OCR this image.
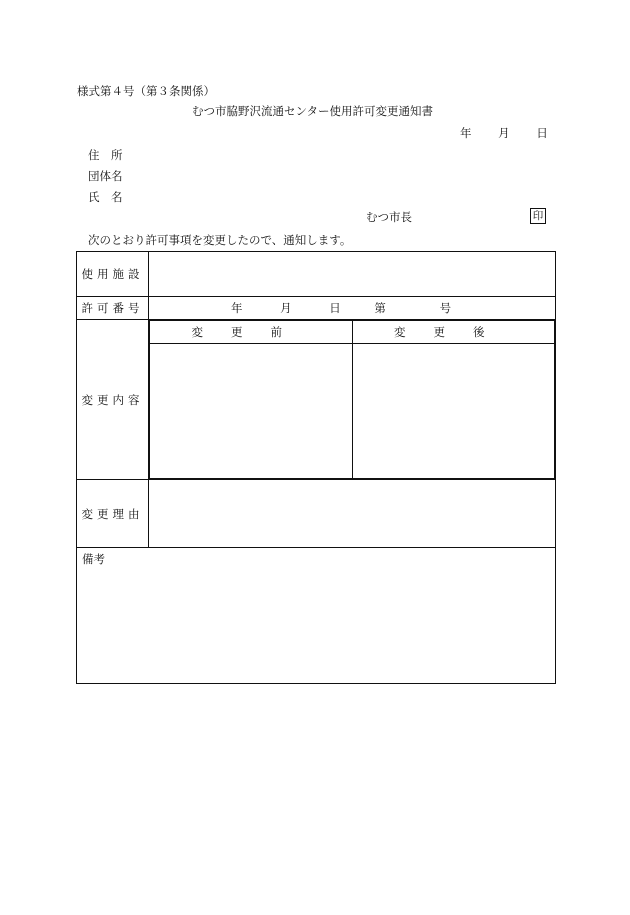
様式第４号（第３条関係）
むつ市脇野沢流通センター使用許可変更通知書
年 月 日
住　所
団体名
氏　名
むつ市長	印
次のとおり許可事項を変更したので、通知します。
使用施設	
許可番号	年	月	日	第	号
変更内容	
変更前	変更後

変更理由	
備考
